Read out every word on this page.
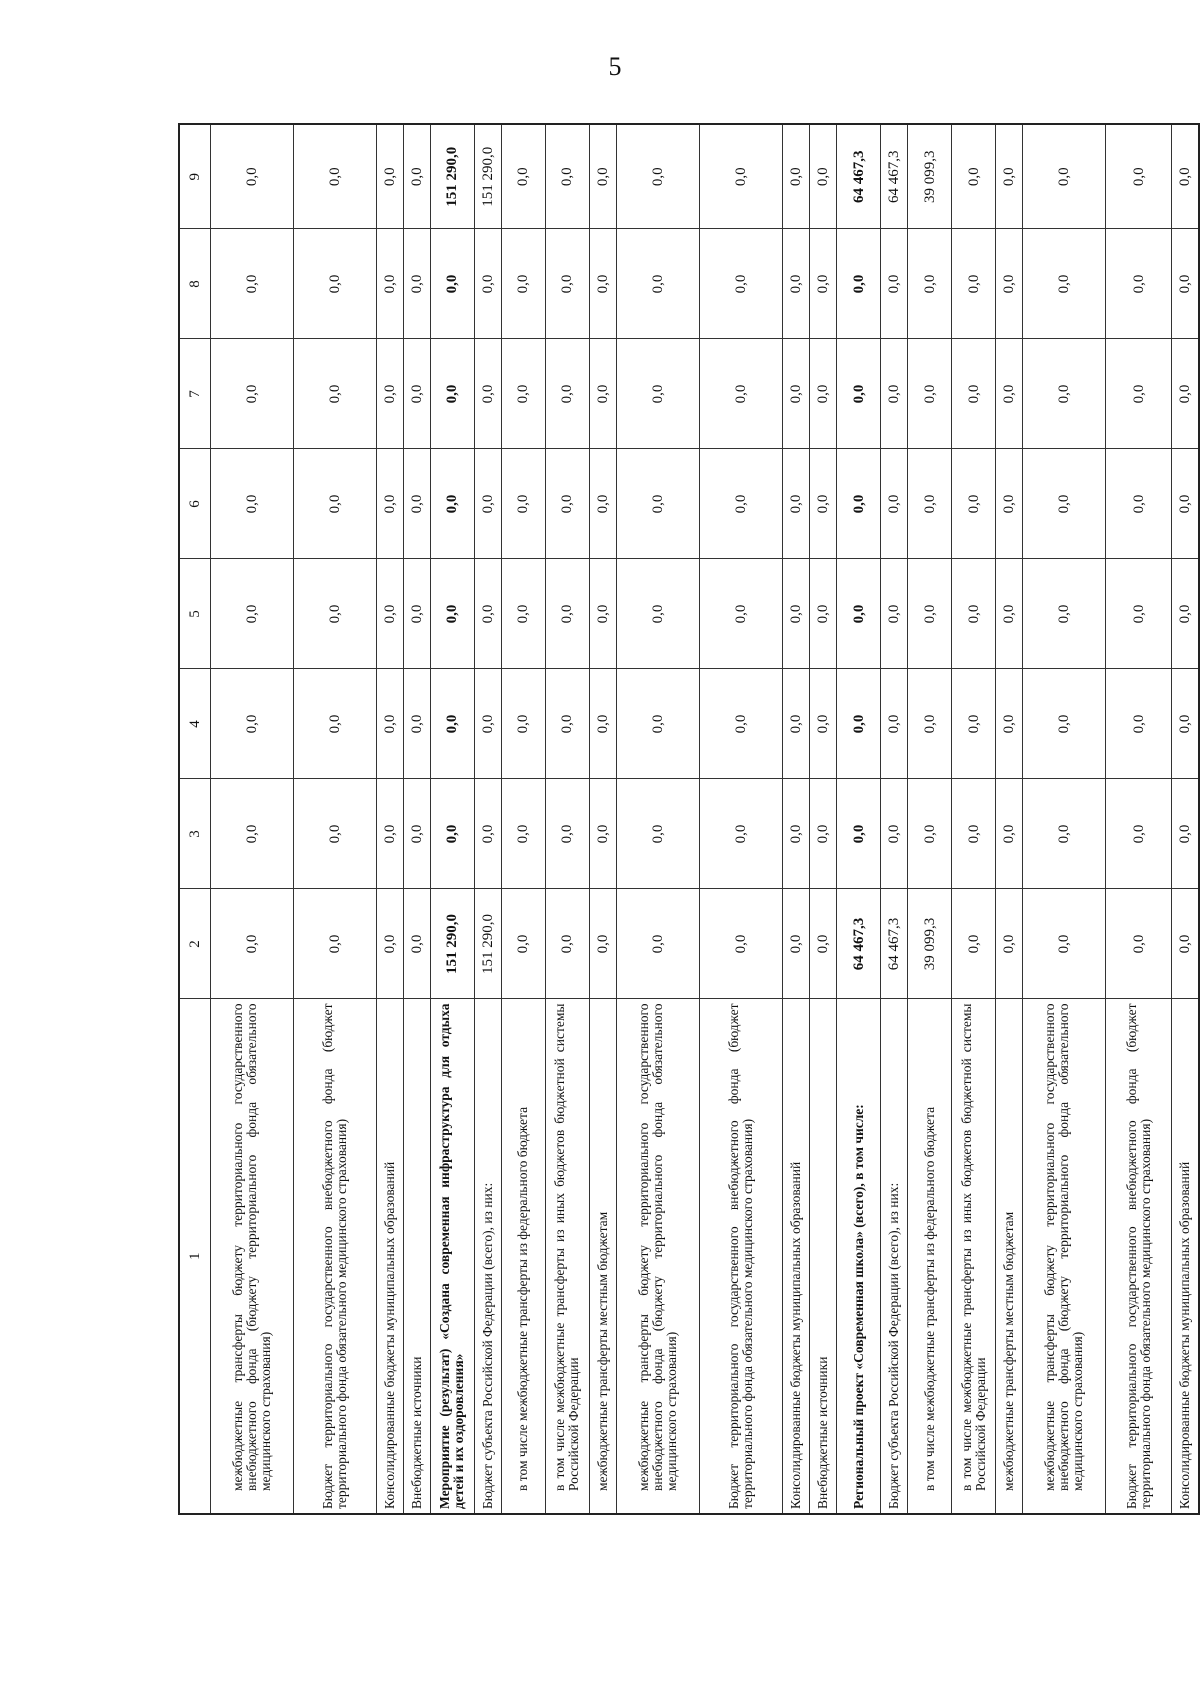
5
1	2	3	4	5	6	7	8	9
межбюджетные трансферты бюджету территориального государственного внебюджетного фонда (бюджету территориального фонда обязательного медицинского страхования)	0,0	0,0	0,0	0,0	0,0	0,0	0,0	0,0
Бюджет территориального государственного внебюджетного фонда (бюджет территориального фонда обязательного медицинского страхования)	0,0	0,0	0,0	0,0	0,0	0,0	0,0	0,0
Консолидированные бюджеты муниципальных образований	0,0	0,0	0,0	0,0	0,0	0,0	0,0	0,0
Внебюджетные источники	0,0	0,0	0,0	0,0	0,0	0,0	0,0	0,0
Мероприятие (результат) «Создана современная инфраструктура для отдыха детей и их оздоровления»	151 290,0	0,0	0,0	0,0	0,0	0,0	0,0	151 290,0
Бюджет субъекта Российской Федерации (всего), из них:	151 290,0	0,0	0,0	0,0	0,0	0,0	0,0	151 290,0
в том числе межбюджетные трансферты из федерального бюджета	0,0	0,0	0,0	0,0	0,0	0,0	0,0	0,0
в том числе межбюджетные трансферты из иных бюджетов бюджетной системы Российской Федерации	0,0	0,0	0,0	0,0	0,0	0,0	0,0	0,0
межбюджетные трансферты местным бюджетам	0,0	0,0	0,0	0,0	0,0	0,0	0,0	0,0
межбюджетные трансферты бюджету территориального государственного внебюджетного фонда (бюджету территориального фонда обязательного медицинского страхования)	0,0	0,0	0,0	0,0	0,0	0,0	0,0	0,0
Бюджет территориального государственного внебюджетного фонда (бюджет территориального фонда обязательного медицинского страхования)	0,0	0,0	0,0	0,0	0,0	0,0	0,0	0,0
Консолидированные бюджеты муниципальных образований	0,0	0,0	0,0	0,0	0,0	0,0	0,0	0,0
Внебюджетные источники	0,0	0,0	0,0	0,0	0,0	0,0	0,0	0,0
Региональный проект «Современная школа» (всего), в том числе:	64 467,3	0,0	0,0	0,0	0,0	0,0	0,0	64 467,3
Бюджет субъекта Российской Федерации (всего), из них:	64 467,3	0,0	0,0	0,0	0,0	0,0	0,0	64 467,3
в том числе межбюджетные трансферты из федерального бюджета	39 099,3	0,0	0,0	0,0	0,0	0,0	0,0	39 099,3
в том числе межбюджетные трансферты из иных бюджетов бюджетной системы Российской Федерации	0,0	0,0	0,0	0,0	0,0	0,0	0,0	0,0
межбюджетные трансферты местным бюджетам	0,0	0,0	0,0	0,0	0,0	0,0	0,0	0,0
межбюджетные трансферты бюджету территориального государственного внебюджетного фонда (бюджету территориального фонда обязательного медицинского страхования)	0,0	0,0	0,0	0,0	0,0	0,0	0,0	0,0
Бюджет территориального государственного внебюджетного фонда (бюджет территориального фонда обязательного медицинского страхования)	0,0	0,0	0,0	0,0	0,0	0,0	0,0	0,0
Консолидированные бюджеты муниципальных образований	0,0	0,0	0,0	0,0	0,0	0,0	0,0	0,0
